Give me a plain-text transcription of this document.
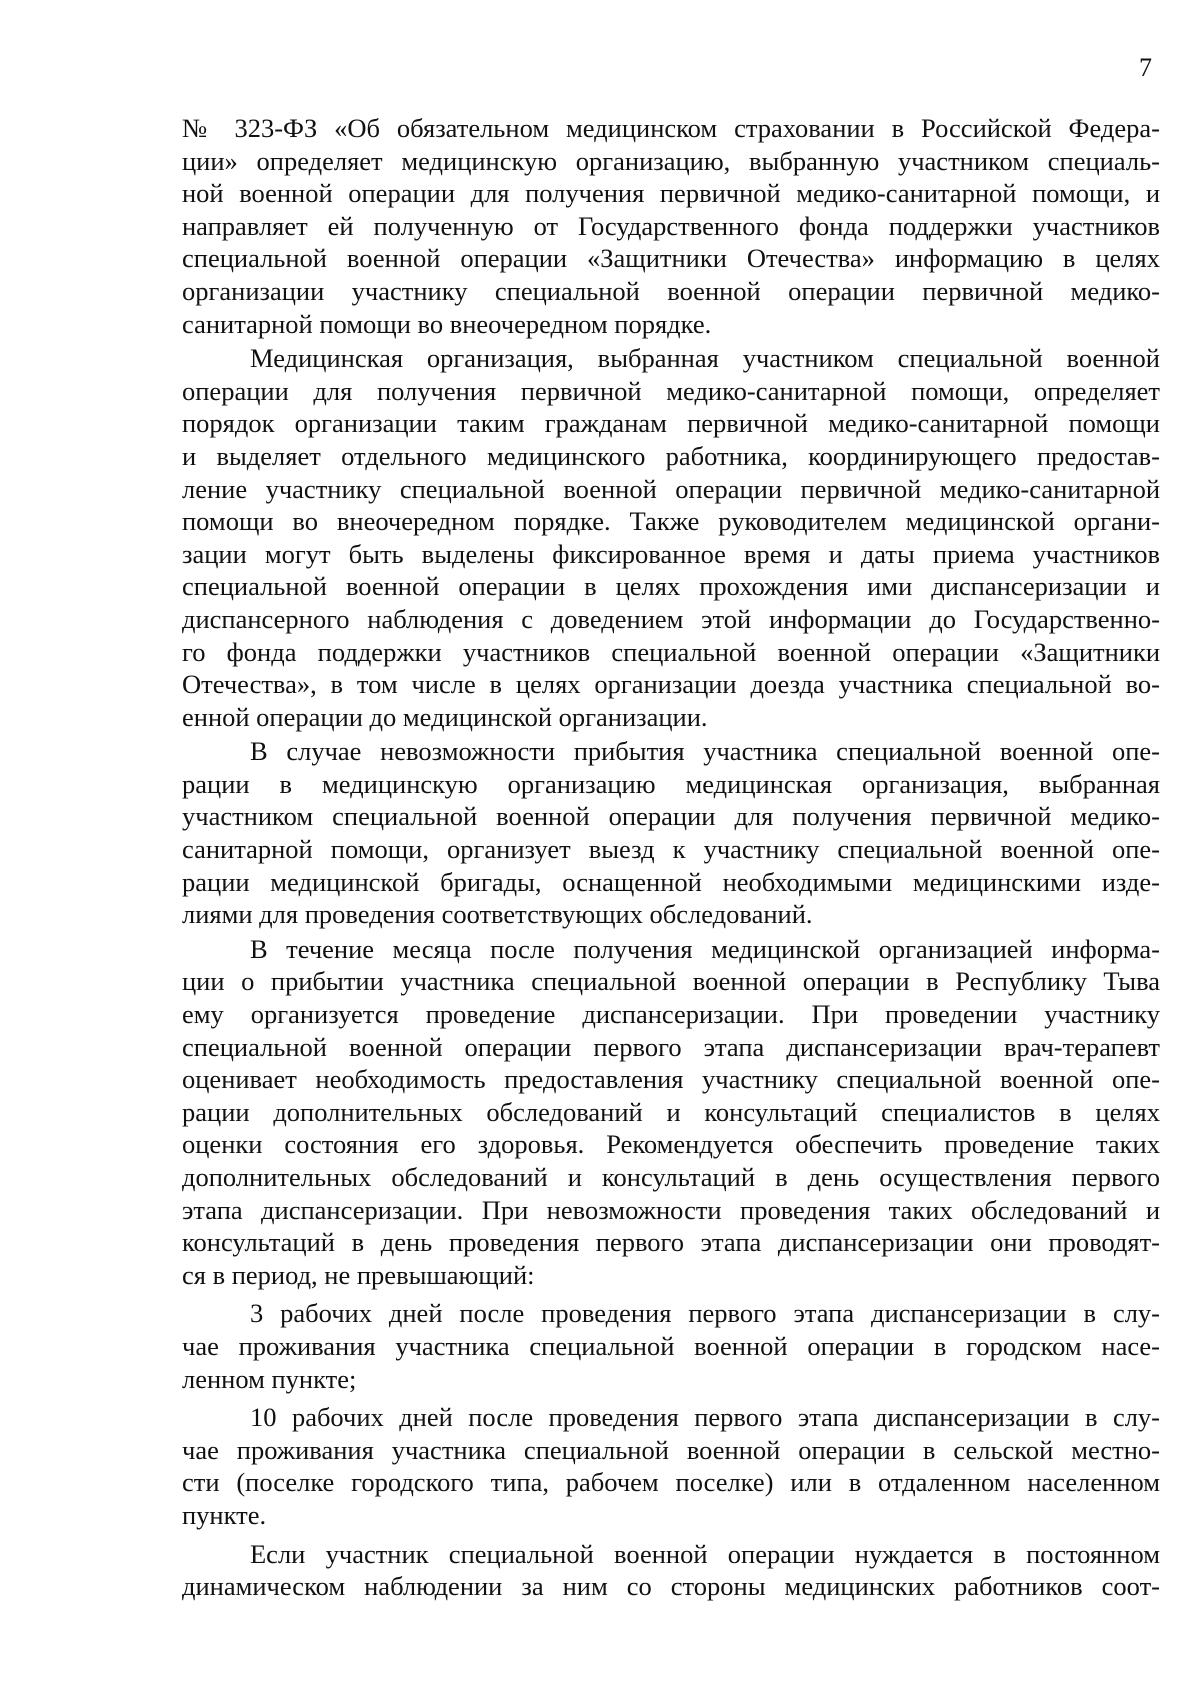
7
№ 323-ФЗ «Об обязательном медицинском страховании в Российской Федера-
ции» определяет медицинскую организацию, выбранную участником специаль-
ной военной операции для получения первичной медико-санитарной помощи, и
направляет ей полученную от Государственного фонда поддержки участников
специальной военной операции «Защитники Отечества» информацию в целях
организации участнику специальной военной операции первичной медико-
санитарной помощи во внеочередном порядке.
Медицинская организация, выбранная участником специальной военной
операции для получения первичной медико-санитарной помощи, определяет
порядок организации таким гражданам первичной медико-санитарной помощи
и выделяет отдельного медицинского работника, координирующего предостав-
ление участнику специальной военной операции первичной медико-санитарной
помощи во внеочередном порядке. Также руководителем медицинской органи-
зации могут быть выделены фиксированное время и даты приема участников
специальной военной операции в целях прохождения ими диспансеризации и
диспансерного наблюдения с доведением этой информации до Государственно-
го фонда поддержки участников специальной военной операции «Защитники
Отечества», в том числе в целях организации доезда участника специальной во-
енной операции до медицинской организации.
В случае невозможности прибытия участника специальной военной опе-
рации в медицинскую организацию медицинская организация, выбранная
участником специальной военной операции для получения первичной медико-
санитарной помощи, организует выезд к участнику специальной военной опе-
рации медицинской бригады, оснащенной необходимыми медицинскими изде-
лиями для проведения соответствующих обследований.
В течение месяца после получения медицинской организацией информа-
ции о прибытии участника специальной военной операции в Республику Тыва
ему организуется проведение диспансеризации. При проведении участнику
специальной военной операции первого этапа диспансеризации врач-терапевт
оценивает необходимость предоставления участнику специальной военной опе-
рации дополнительных обследований и консультаций специалистов в целях
оценки состояния его здоровья. Рекомендуется обеспечить проведение таких
дополнительных обследований и консультаций в день осуществления первого
этапа диспансеризации. При невозможности проведения таких обследований и
консультаций в день проведения первого этапа диспансеризации они проводят-
ся в период, не превышающий:
3 рабочих дней после проведения первого этапа диспансеризации в слу-
чае проживания участника специальной военной операции в городском насе-
ленном пункте;
10 рабочих дней после проведения первого этапа диспансеризации в слу-
чае проживания участника специальной военной операции в сельской местно-
сти (поселке городского типа, рабочем поселке) или в отдаленном населенном
пункте.
Если участник специальной военной операции нуждается в постоянном
динамическом наблюдении за ним со стороны медицинских работников соот-
